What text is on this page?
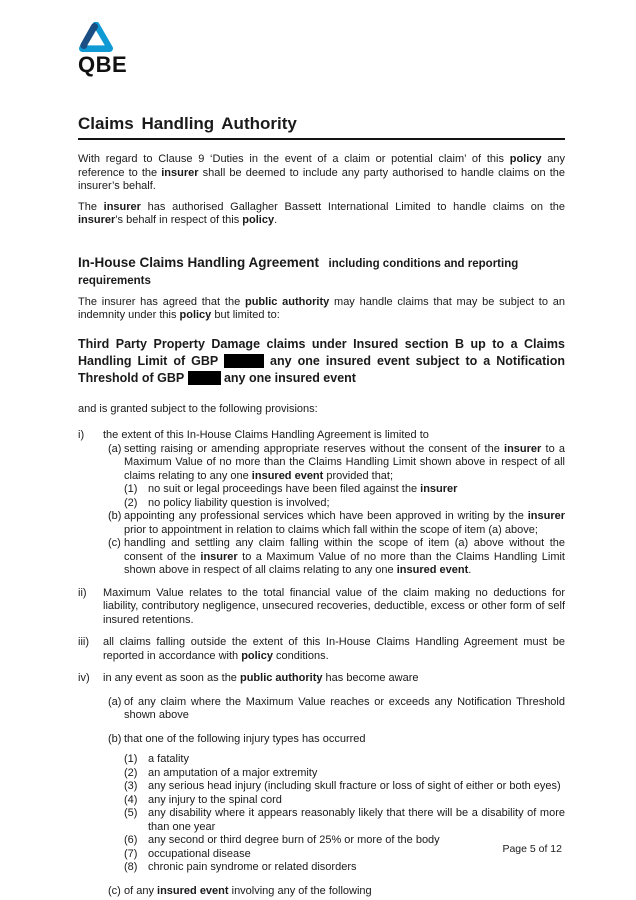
QBE
Claims Handling Authority

With regard to Clause 9 ‘Duties in the event of a claim or potential claim’ of this policy any reference to the insurer shall be deemed to include any party authorised to handle claims on the insurer’s behalf.

The insurer has authorised Gallagher Bassett International Limited to handle claims on the insurer’s behalf in respect of this policy.

In-House Claims Handling Agreement including conditions and reporting requirements

The insurer has agreed that the public authority may handle claims that may be subject to an indemnity under this policy but limited to:

Third Party Property Damage claims under Insured section B up to a Claims
Handling Limit of GBP	any one insured event subject to a Notification
Threshold of GBP	any one insured event

and is granted subject to the following provisions:

i)	the extent of this In-House Claims Handling Agreement is limited to
(a) setting raising or amending appropriate reserves without the consent of the insurer to a Maximum Value of no more than the Claims Handling Limit shown above in respect of all claims relating to any one insured event provided that;
(1) no suit or legal proceedings have been filed against the insurer
(2) no policy liability question is involved;
(b) appointing any professional services which have been approved in writing by the insurer prior to appointment in relation to claims which fall within the scope of item (a) above;
(c) handling and settling any claim falling within the scope of item (a) above without the consent of the insurer to a Maximum Value of no more than the Claims Handling Limit shown above in respect of all claims relating to any one insured event.
ii)	Maximum Value relates to the total financial value of the claim making no deductions for liability, contributory negligence, unsecured recoveries, deductible, excess or other form of self insured retentions.
iii)	all claims falling outside the extent of this In-House Claims Handling Agreement must be reported in accordance with policy conditions.
iv)	in any event as soon as the public authority has become aware
(a) of any claim where the Maximum Value reaches or exceeds any Notification Threshold shown above
(b) that one of the following injury types has occurred
(1) a fatality
(2) an amputation of a major extremity
(3) any serious head injury (including skull fracture or loss of sight of either or both eyes)
(4) any injury to the spinal cord
(5) any disability where it appears reasonably likely that there will be a disability of more than one year
(6) any second or third degree burn of 25% or more of the body
(7) occupational disease
(8) chronic pain syndrome or related disorders
(c) of any insured event involving any of the following
Page 5 of 12
